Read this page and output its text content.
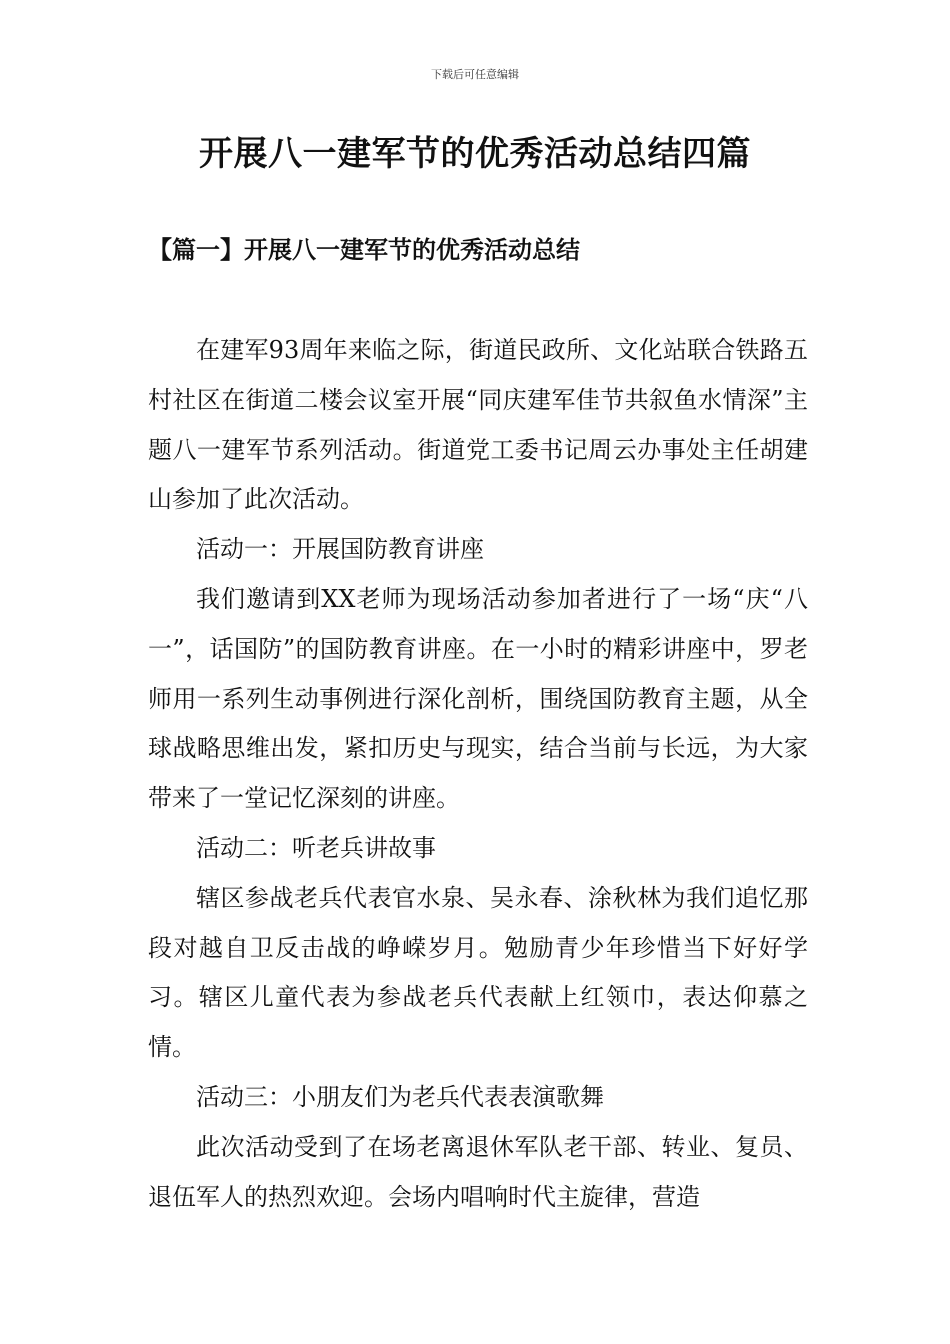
下载后可任意编辑
开展八一建军节的优秀活动总结四篇
【篇一】开展八一建军节的优秀活动总结

在建军93周年来临之际，街道民政所、文化站联合铁路五村社区在街道二楼会议室开展“同庆建军佳节共叙鱼水情深”主题八一建军节系列活动。街道党工委书记周云办事处主任胡建山参加了此次活动。

活动一：开展国防教育讲座

我们邀请到XX老师为现场活动参加者进行了一场“庆“八一”，话国防”的国防教育讲座。在一小时的精彩讲座中，罗老师用一系列生动事例进行深化剖析，围绕国防教育主题，从全球战略思维出发，紧扣历史与现实，结合当前与长远，为大家带来了一堂记忆深刻的讲座。

活动二：听老兵讲故事

辖区参战老兵代表官水泉、吴永春、涂秋林为我们追忆那段对越自卫反击战的峥嵘岁月。勉励青少年珍惜当下好好学习。辖区儿童代表为参战老兵代表献上红领巾，表达仰慕之情。

活动三：小朋友们为老兵代表表演歌舞

此次活动受到了在场老离退休军队老干部、转业、复员、退伍军人的热烈欢迎。会场内唱响时代主旋律，营造
